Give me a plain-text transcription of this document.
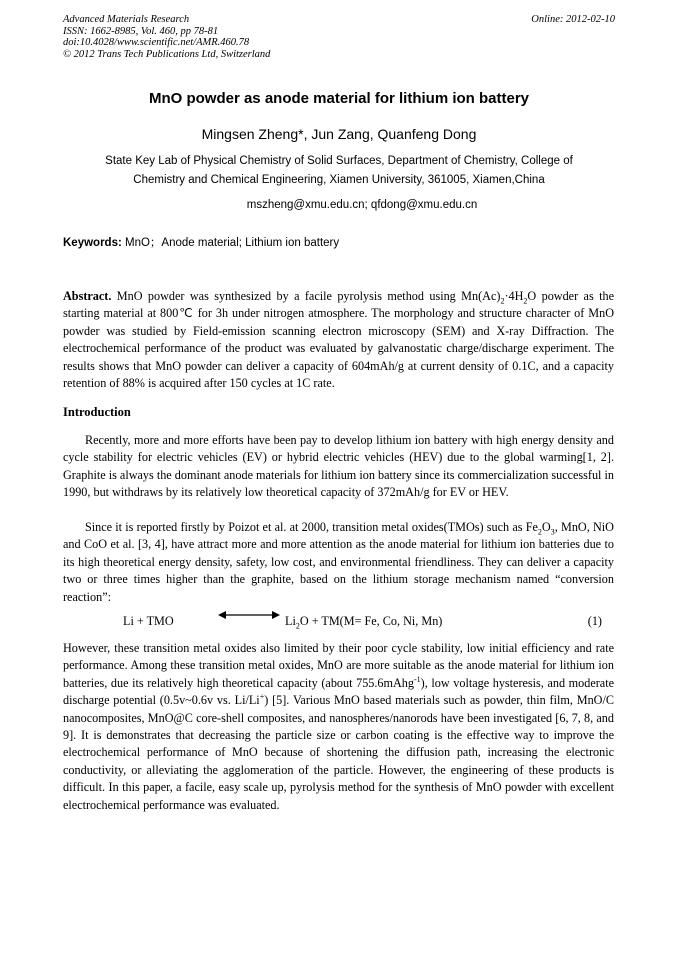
Advanced Materials Research
ISSN: 1662-8985, Vol. 460, pp 78-81
doi:10.4028/www.scientific.net/AMR.460.78
© 2012 Trans Tech Publications Ltd, Switzerland
Online: 2012-02-10
MnO powder as anode material for lithium ion battery
Mingsen Zheng*, Jun Zang, Quanfeng Dong
State Key Lab of Physical Chemistry of Solid Surfaces, Department of Chemistry, College of Chemistry and Chemical Engineering, Xiamen University, 361005, Xiamen,China
mszheng@xmu.edu.cn; qfdong@xmu.edu.cn
Keywords: MnO；Anode material; Lithium ion battery
Abstract. MnO powder was synthesized by a facile pyrolysis method using $Mn(Ac)_2\cdot 4H_2O$ powder as the starting material at 800℃ for 3h under nitrogen atmosphere. The morphology and structure character of MnO powder was studied by Field-emission scanning electron microscopy (SEM) and X-ray Diffraction. The electrochemical performance of the product was evaluated by galvanostatic charge/discharge experiment. The results shows that MnO powder can deliver a capacity of 604mAh/g at current density of 0.1C, and a capacity retention of 88% is acquired after 150 cycles at 1C rate.
Introduction
Recently, more and more efforts have been pay to develop lithium ion battery with high energy density and cycle stability for electric vehicles (EV) or hybrid electric vehicles (HEV) due to the global warming[1, 2]. Graphite is always the dominant anode materials for lithium ion battery since its commercialization successful in 1990, but withdraws by its relatively low theoretical capacity of 372mAh/g for EV or HEV.
Since it is reported firstly by Poizot et al. at 2000, transition metal oxides(TMOs) such as $Fe_2O_3$, MnO, NiO and CoO et al. [3, 4], have attract more and more attention as the anode material for lithium ion batteries due to its high theoretical energy density, safety, low cost, and environmental friendliness. They can deliver a capacity two or three times higher than the graphite, based on the lithium storage mechanism named “conversion reaction”:
Li + TMO	$Li_2O + TM(M= Fe$, Co, Ni, Mn)	(1)
However, these transition metal oxides also limited by their poor cycle stability, low initial efficiency and rate performance. Among these transition metal oxides, MnO are more suitable as the anode material for lithium ion batteries, due its relatively high theoretical capacity (about 755.6mAhg$^{-1}$), low voltage hysteresis, and moderate discharge potential (0.5v~0.6v vs. Li/Li+) [5]. Various MnO based materials such as powder, thin film, MnO/C nanocomposites, MnO@C core-shell composites, and nanospheres/nanorods have been investigated [6, 7, 8, and 9]. It is demonstrates that decreasing the particle size or carbon coating is the effective way to improve the electrochemical performance of MnO because of shortening the diffusion path, increasing the electronic conductivity, or alleviating the agglomeration of the particle. However, the engineering of these products is difficult. In this paper, a facile, easy scale up, pyrolysis method for the synthesis of MnO powder with excellent electrochemical performance was evaluated.
